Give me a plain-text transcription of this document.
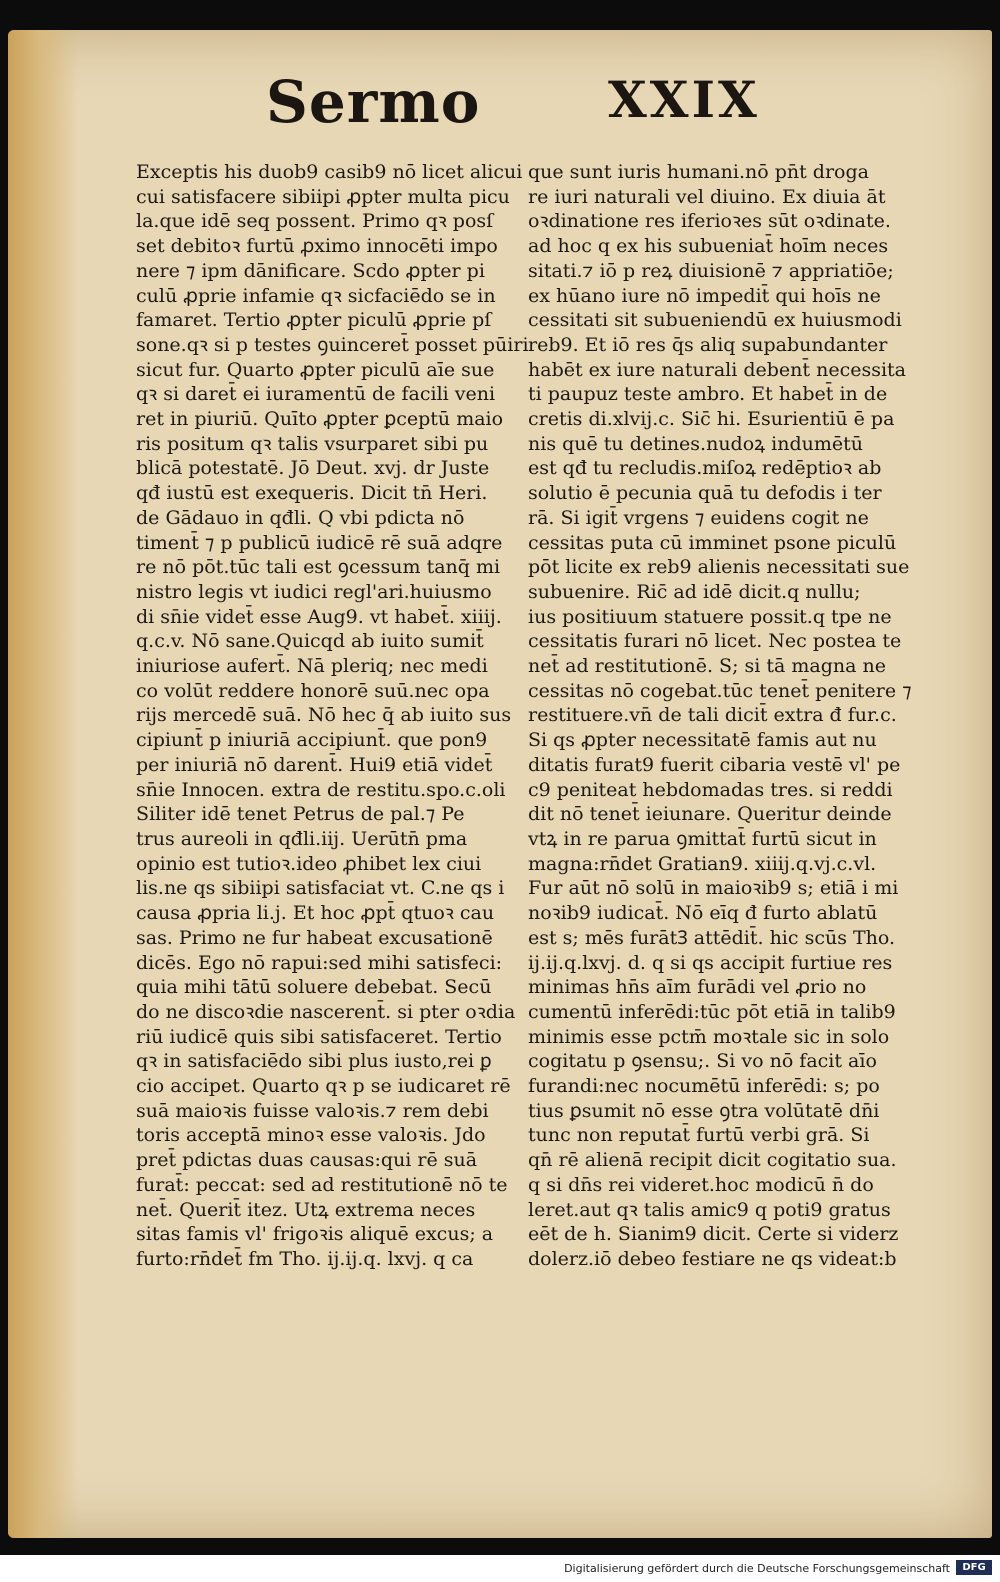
Sermo	XXIX
Exceptis his duob9 casib9 nō licet alicui
cui satisfacere sibi̇ipi ꝓpter multa picu
la.que idē seq possent. Primo qꝛ posſ
set debitoꝛ furtū ꝓximo innocēti impo
nere ⁊ ipm dānificare. Scdo ꝓpter pi
culū ꝓprie infamie qꝛ sicfaciēdo se in
famaret. Tertio ꝓpter piculū ꝓprie pſ
sone.qꝛ si p testes ꝯuinceret̄ posset pūiri
sicut fur. Quarto ꝓpter piculū aīe sue
qꝛ si daret̄ ei iuramentū de facili veni
ret in piuriū. Quīto ꝓpter ꝑceptū maio
ris positum qꝛ talis vsurparet sibi pu
blicā potestatē. Jō Deut. xvj. dr Juste
qđ iustū est exequeris. Dicit tn̄ Heri.
de Gādauo in qđli. Q vbi pdicta nō
timent̄ ⁊ p publicū iudicē rē suā adqre
re nō pōt.tūc tali est ꝯcessum tanq̄ mi
nistro legis vt iudici regl'ari.huiusmo
di sn̄ie videt̄ esse Aug9. vt habet̄. xiiij.
q.c.v. Nō sane.Quicqd ab iuito sumit̄
iniuriose aufert̄. Nā pleriq; nec medi
co volūt reddere honorē suū.nec opa
rijs mercedē suā. Nō hec q̄ ab iuito sus
cipiunt̄ p iniuriā accipiunt̄. que pon9
per iniuriā nō darent̄. Hui9 etiā videt̄
sn̄ie Innocen. extra de restitu.spo.c.oli
Siliter idē tenet Petrus de pal.⁊ Pe
trus aureoli in qđli.iij. Uerūtn̄ pma
opinio est tutioꝛ.ideo ꝓhibet lex ciui
lis.ne qs sibiipi satisfaciat vt. C.ne qs i
causa ꝓpria li.j. Et hoc ꝓpt̄ qtuoꝛ cau
sas. Primo ne fur habeat excusationē
dicēs. Ego nō rapui:sed mihi satisfeci:
quia mihi tātū soluere debebat. Secū
do ne discoꝛdie nascerent̄. si pter oꝛdia
riū iudicē quis sibi satisfaceret. Tertio
qꝛ in satisfaciēdo sibi plus iusto,rei ꝑ
cio accipet. Quarto qꝛ p se iudicaret rē
suā maioꝛis fuisse valoꝛis.⁊ rem debi
toris acceptā minoꝛ esse valoꝛis. Jdo
pret̄ pdictas duas causas:qui rē suā
furat̄: peccat: sed ad restitutionē nō te
net̄. Querit̄ itez. Utꝝ extrema neces
sitas famis vl' frigoꝛis aliquē excus; a
furto:rn̄det̄ fm Tho. ij.ij.q. lxvj. q ca
que sunt iuris humani.nō pn̄t droga
re iuri naturali vel diuino. Ex diuia āt
oꝛdinatione res iferioꝛes sūt oꝛdinate.
ad hoc q ex his subueniat̄ hoīm neces
sitati.⁊ iō p reꝝ diuisionē ⁊ appriatiōe;
ex hūano iure nō impedit̄ qui hoīs ne
cessitati sit subueniendū ex huiusmodi
reb9. Et iō res q̄s aliq supabundanter
habēt ex iure naturali debent̄ necessita
ti paupuz teste ambro. Et habet̄ in de
cretis di.xlvij.c. Sic̄ hi. Esurientiū ē pa
nis quē tu detines.nudoꝝ indumētū
est qđ tu recludis.miſoꝝ redēptioꝛ ab
solutio ē pecunia quā tu defodis i ter
rā. Si igit̄ vrgens ⁊ euidens cogit ne
cessitas puta cū imminet psone piculū
pōt licite ex reb9 alienis necessitati sue
subuenire. Ric̄ ad idē dicit.q nullu;
ius positiuum statuere possit.q tpe ne
cessitatis furari nō licet. Nec postea te
net̄ ad restitutionē. S; si tā magna ne
cessitas nō cogebat.tūc tenet̄ penitere ⁊
restituere.vn̄ de tali dicit̄ extra đ fur.c.
Si qs ꝓpter necessitatē famis aut nu
ditatis furat9 fuerit cibaria vestē vl' pe
c9 peniteat hebdomadas tres. si reddi
dit nō tenet̄ ieiunare. Queritur deinde
vtꝝ in re parua ꝯmittat̄ furtū sicut in
magna:rn̄det Gratian9. xiiij.q.vj.c.vl.
Fur aūt nō solū in maioꝛib9 s; etiā i mi
noꝛib9 iudicat̄. Nō eīq đ furto ablatū
est s; mēs furātꝪ attēdit̄. hic scūs Tho.
ij.ij.q.lxvj. d. q si qs accipit furtiue res
minimas hn̄s aīm furādi vel ꝓrio no
cumentū inferēdi:tūc pōt etiā in talib9
minimis esse pctm̄ moꝛtale sic in solo
cogitatu p ꝯsensu;. Si vo nō facit aīo
furandi:nec nocumētū inferēdi: s; po
tius ꝑsumit nō esse ꝯtra volūtatē dn̄i
tunc non reputat̄ furtū verbi grā. Si
qn̄ rē alienā recipit dicit cogitatio sua.
q si dn̄s rei videret.hoc modicū n̄ do
leret.aut qꝛ talis amic9 q poti9 gratus
eēt de h. Sianim9 dicit. Certe si viderz
dolerz.iō debeo festiare ne qs videat:b
Digitalisierung gefördert durch die Deutsche Forschungsgemeinschaft	DFG
